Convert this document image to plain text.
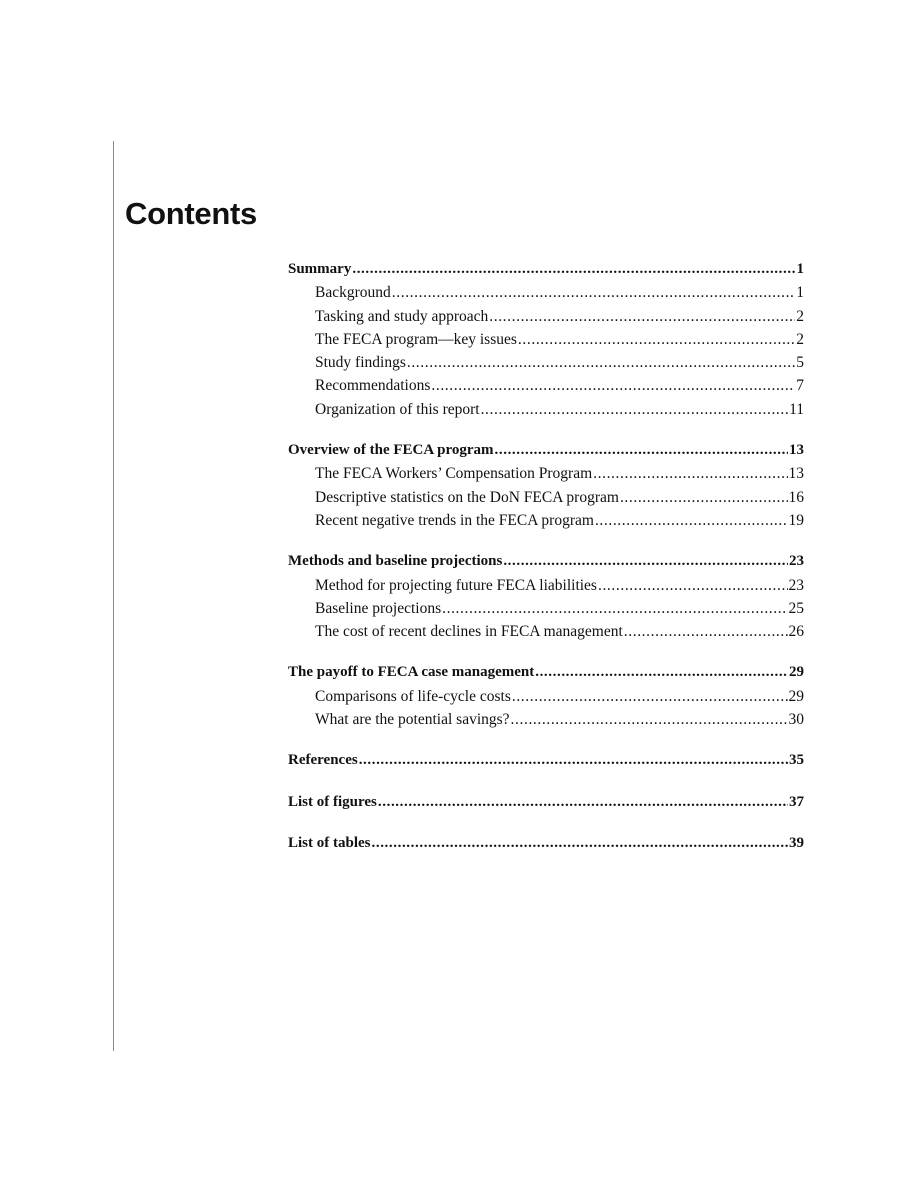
Contents
Summary .....	1
Background .....	1
Tasking and study approach .....	2
The FECA program—key issues .....	2
Study findings .....	5
Recommendations .....	7
Organization of this report .....	11
Overview of the FECA program .....	13
The FECA Workers’ Compensation Program .....	13
Descriptive statistics on the DoN FECA program .....	16
Recent negative trends in the FECA program .....	19
Methods and baseline projections .....	23
Method for projecting future FECA liabilities .....	23
Baseline projections .....	25
The cost of recent declines in FECA management .....	26
The payoff to FECA case management .....	29
Comparisons of life-cycle costs .....	29
What are the potential savings? .....	30
References .....	35
List of figures .....	37
List of tables .....	39
